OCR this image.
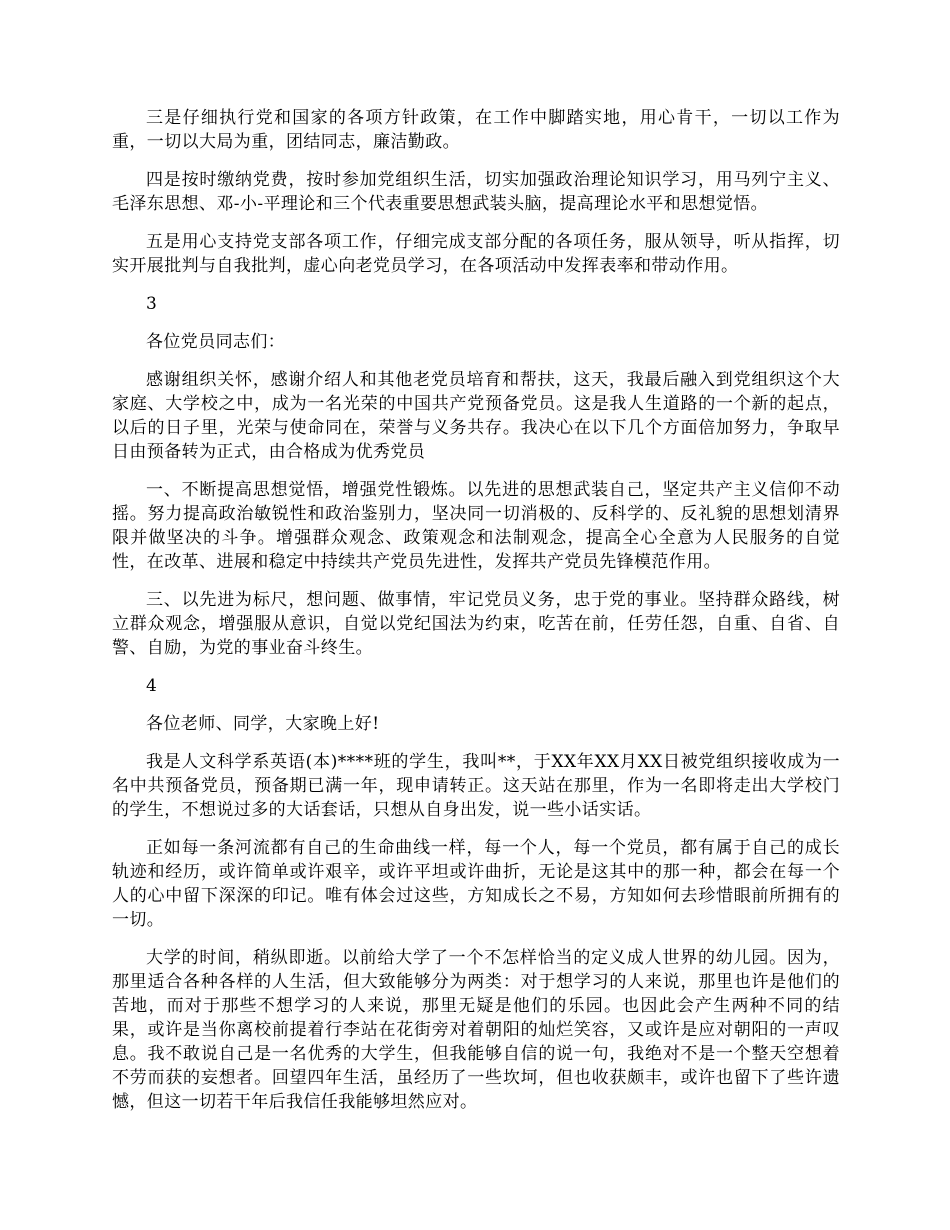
三是仔细执行党和国家的各项方针政策，在工作中脚踏实地，用心肯干，一切以工作为重，一切以大局为重，团结同志，廉洁勤政。

四是按时缴纳党费，按时参加党组织生活，切实加强政治理论知识学习，用马列宁主义、毛泽东思想、邓-小-平理论和三个代表重要思想武装头脑，提高理论水平和思想觉悟。

五是用心支持党支部各项工作，仔细完成支部分配的各项任务，服从领导，听从指挥，切实开展批判与自我批判，虚心向老党员学习，在各项活动中发挥表率和带动作用。

3

各位党员同志们：

感谢组织关怀，感谢介绍人和其他老党员培育和帮扶，这天，我最后融入到党组织这个大家庭、大学校之中，成为一名光荣的中国共产党预备党员。这是我人生道路的一个新的起点，以后的日子里，光荣与使命同在，荣誉与义务共存。我决心在以下几个方面倍加努力，争取早日由预备转为正式，由合格成为优秀党员

一、不断提高思想觉悟，增强党性锻炼。以先进的思想武装自己，坚定共产主义信仰不动摇。努力提高政治敏锐性和政治鉴别力，坚决同一切消极的、反科学的、反礼貌的思想划清界限并做坚决的斗争。增强群众观念、政策观念和法制观念，提高全心全意为人民服务的自觉性，在改革、进展和稳定中持续共产党员先进性，发挥共产党员先锋模范作用。

三、以先进为标尺，想问题、做事情，牢记党员义务，忠于党的事业。坚持群众路线，树立群众观念，增强服从意识，自觉以党纪国法为约束，吃苦在前，任劳任怨，自重、自省、自警、自励，为党的事业奋斗终生。

4

各位老师、同学，大家晚上好!

我是人文科学系英语(本)****班的学生，我叫**，于XX年XX月XX日被党组织接收成为一名中共预备党员，预备期已满一年，现申请转正。这天站在那里，作为一名即将走出大学校门的学生，不想说过多的大话套话，只想从自身出发，说一些小话实话。

正如每一条河流都有自己的生命曲线一样，每一个人，每一个党员，都有属于自己的成长轨迹和经历，或许简单或许艰辛，或许平坦或许曲折，无论是这其中的那一种，都会在每一个人的心中留下深深的印记。唯有体会过这些，方知成长之不易，方知如何去珍惜眼前所拥有的一切。

大学的时间，稍纵即逝。以前给大学了一个不怎样恰当的定义成人世界的幼儿园。因为，那里适合各种各样的人生活，但大致能够分为两类：对于想学习的人来说，那里也许是他们的苦地，而对于那些不想学习的人来说，那里无疑是他们的乐园。也因此会产生两种不同的结果，或许是当你离校前提着行李站在花街旁对着朝阳的灿烂笑容，又或许是应对朝阳的一声叹息。我不敢说自己是一名优秀的大学生，但我能够自信的说一句，我绝对不是一个整天空想着不劳而获的妄想者。回望四年生活，虽经历了一些坎坷，但也收获颇丰，或许也留下了些许遗憾，但这一切若干年后我信任我能够坦然应对。
